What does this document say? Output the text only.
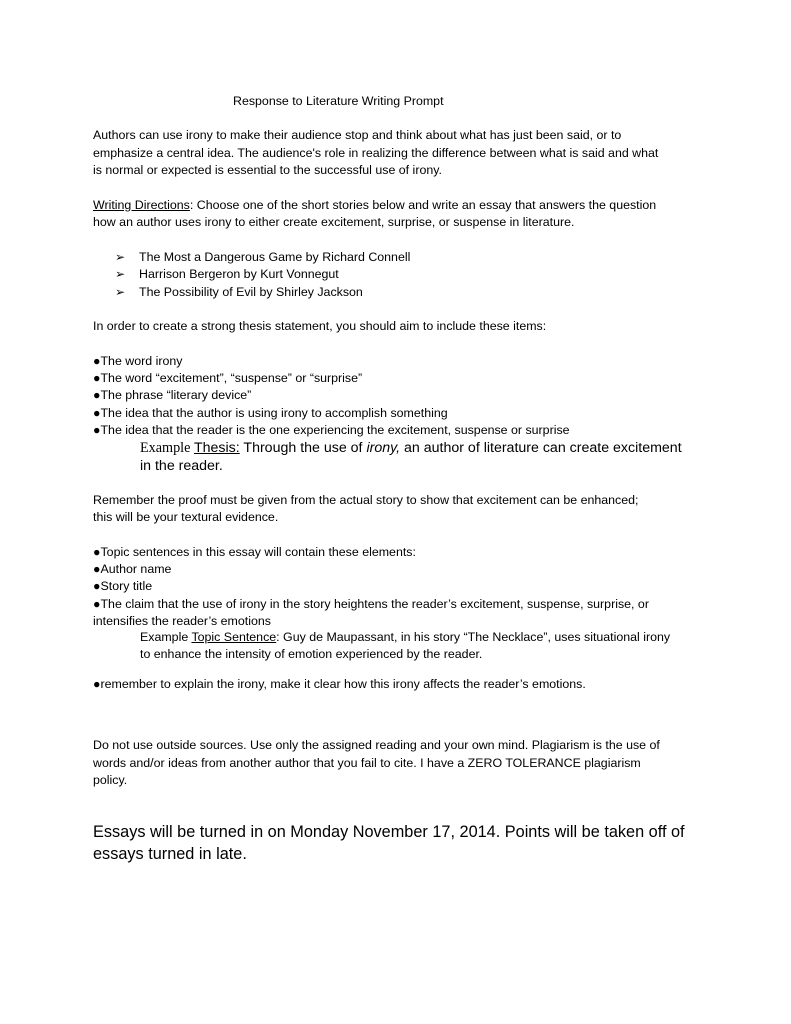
Response to Literature Writing Prompt
Authors can use irony to make their audience stop and think about what has just been said, or to
emphasize a central idea. The audience's role in realizing the difference between what is said and what
is normal or expected is essential to the successful use of irony.
Writing Directions: Choose one of the short stories below and write an essay that answers the question
how an author uses irony to either create excitement, surprise, or suspense in literature.
➢ The Most a Dangerous Game by Richard Connell
➢ Harrison Bergeron by Kurt Vonnegut
➢ The Possibility of Evil by Shirley Jackson
In order to create a strong thesis statement, you should aim to include these items:
●The word irony
●The word “excitement”, “suspense” or “surprise”
●The phrase “literary device”
●The idea that the author is using irony to accomplish something
●The idea that the reader is the one experiencing the excitement, suspense or surprise
Example Thesis: Through the use of irony, an author of literature can create excitement
in the reader.
Remember the proof must be given from the actual story to show that excitement can be enhanced;
this will be your textural evidence.
●Topic sentences in this essay will contain these elements:
●Author name
●Story title
●The claim that the use of irony in the story heightens the reader’s excitement, suspense, surprise, or
intensifies the reader’s emotions
Example Topic Sentence: Guy de Maupassant, in his story “The Necklace”, uses situational irony
to enhance the intensity of emotion experienced by the reader.
●remember to explain the irony, make it clear how this irony affects the reader’s emotions.
Do not use outside sources. Use only the assigned reading and your own mind. Plagiarism is the use of
words and/or ideas from another author that you fail to cite. I have a ZERO TOLERANCE plagiarism
policy.
Essays will be turned in on Monday November 17, 2014. Points will be taken off of
essays turned in late.
